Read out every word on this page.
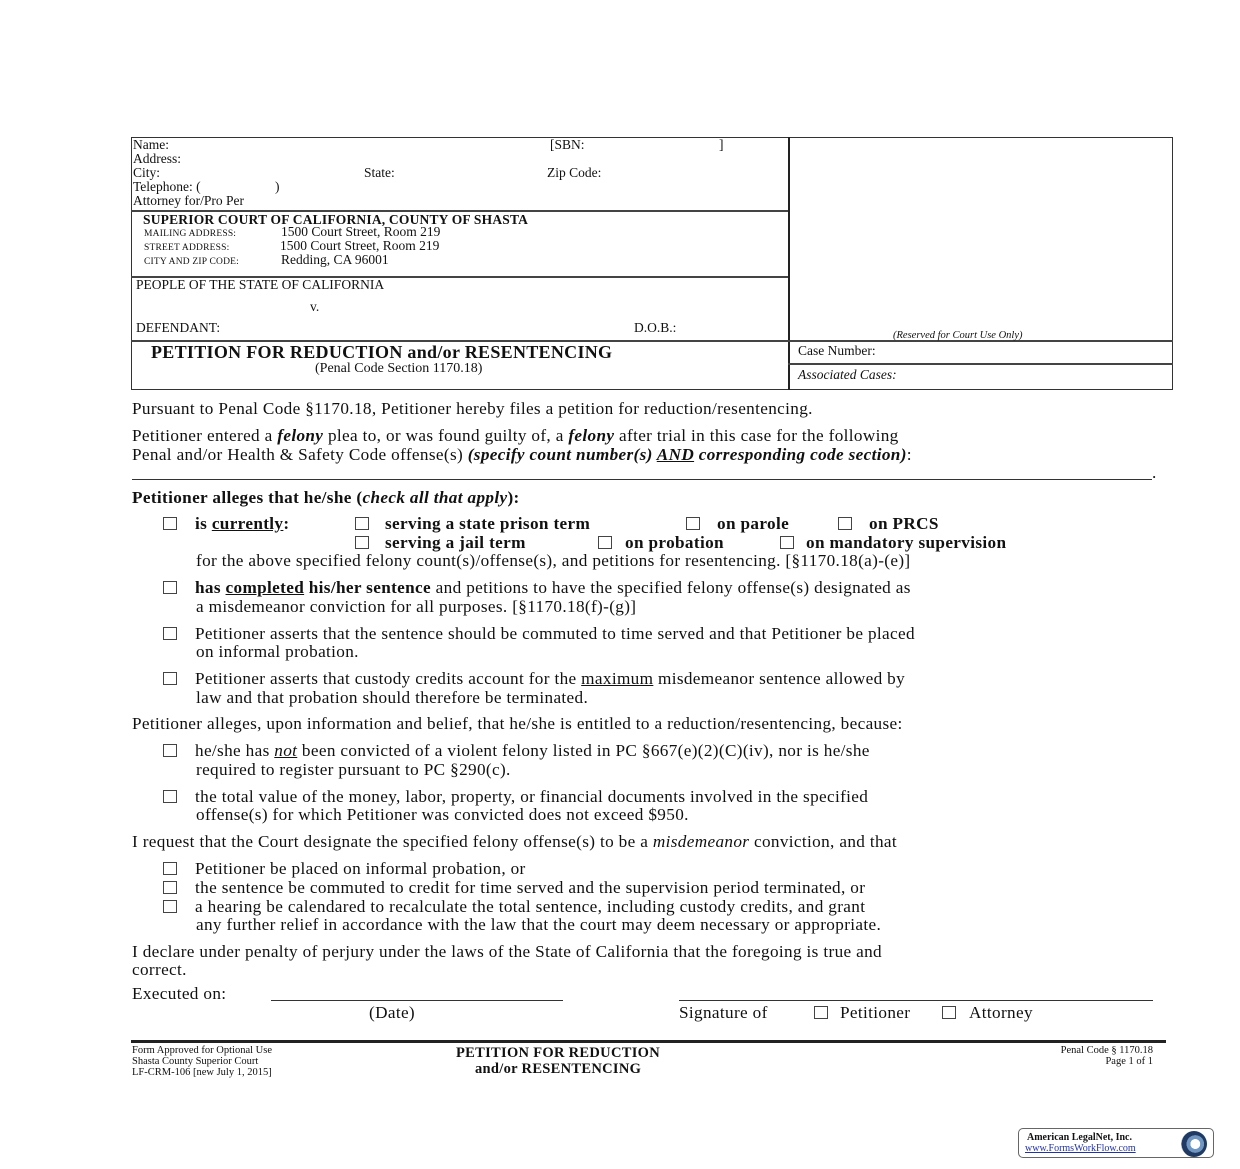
Name:	[SBN:	]
Address:
City:	State:	Zip Code:
Telephone: (	)
Attorney for/Pro Per
SUPERIOR COURT OF CALIFORNIA, COUNTY OF SHASTA
MAILING ADDRESS:	1500 Court Street, Room 219
STREET ADDRESS:	1500 Court Street, Room 219
CITY AND ZIP CODE:	Redding, CA 96001
PEOPLE OF THE STATE OF CALIFORNIA
v.
DEFENDANT:	D.O.B.:
PETITION FOR REDUCTION and/or RESENTENCING
(Penal Code Section 1170.18)
(Reserved for Court Use Only)
Case Number:
Associated Cases:
Pursuant to Penal Code §1170.18, Petitioner hereby files a petition for reduction/resentencing.
Petitioner entered a felony plea to, or was found guilty of, a felony after trial in this case for the following
Penal and/or Health & Safety Code offense(s) (specify count number(s) AND corresponding code section):
.
Petitioner alleges that he/she (check all that apply):
is currently:	serving a state prison term	on parole	on PRCS
serving a jail term	on probation	on mandatory supervision
for the above specified felony count(s)/offense(s), and petitions for resentencing. [§1170.18(a)-(e)]
has completed his/her sentence and petitions to have the specified felony offense(s) designated as
a misdemeanor conviction for all purposes. [§1170.18(f)-(g)]
Petitioner asserts that the sentence should be commuted to time served and that Petitioner be placed
on informal probation.
Petitioner asserts that custody credits account for the maximum misdemeanor sentence allowed by
law and that probation should therefore be terminated.
Petitioner alleges, upon information and belief, that he/she is entitled to a reduction/resentencing, because:
he/she has not been convicted of a violent felony listed in PC §667(e)(2)(C)(iv), nor is he/she
required to register pursuant to PC §290(c).
the total value of the money, labor, property, or financial documents involved in the specified
offense(s) for which Petitioner was convicted does not exceed $950.
I request that the Court designate the specified felony offense(s) to be a misdemeanor conviction, and that
Petitioner be placed on informal probation, or
the sentence be commuted to credit for time served and the supervision period terminated, or
a hearing be calendared to recalculate the total sentence, including custody credits, and grant
any further relief in accordance with the law that the court may deem necessary or appropriate.
I declare under penalty of perjury under the laws of the State of California that the foregoing is true and
correct.
Executed on:
(Date)	Signature of	Petitioner	Attorney
Form Approved for Optional Use
Shasta County Superior Court
LF-CRM-106 [new July 1, 2015]
PETITION FOR REDUCTION
and/or RESENTENCING
Penal Code § 1170.18
Page 1 of 1
American LegalNet, Inc.
www.FormsWorkFlow.com
